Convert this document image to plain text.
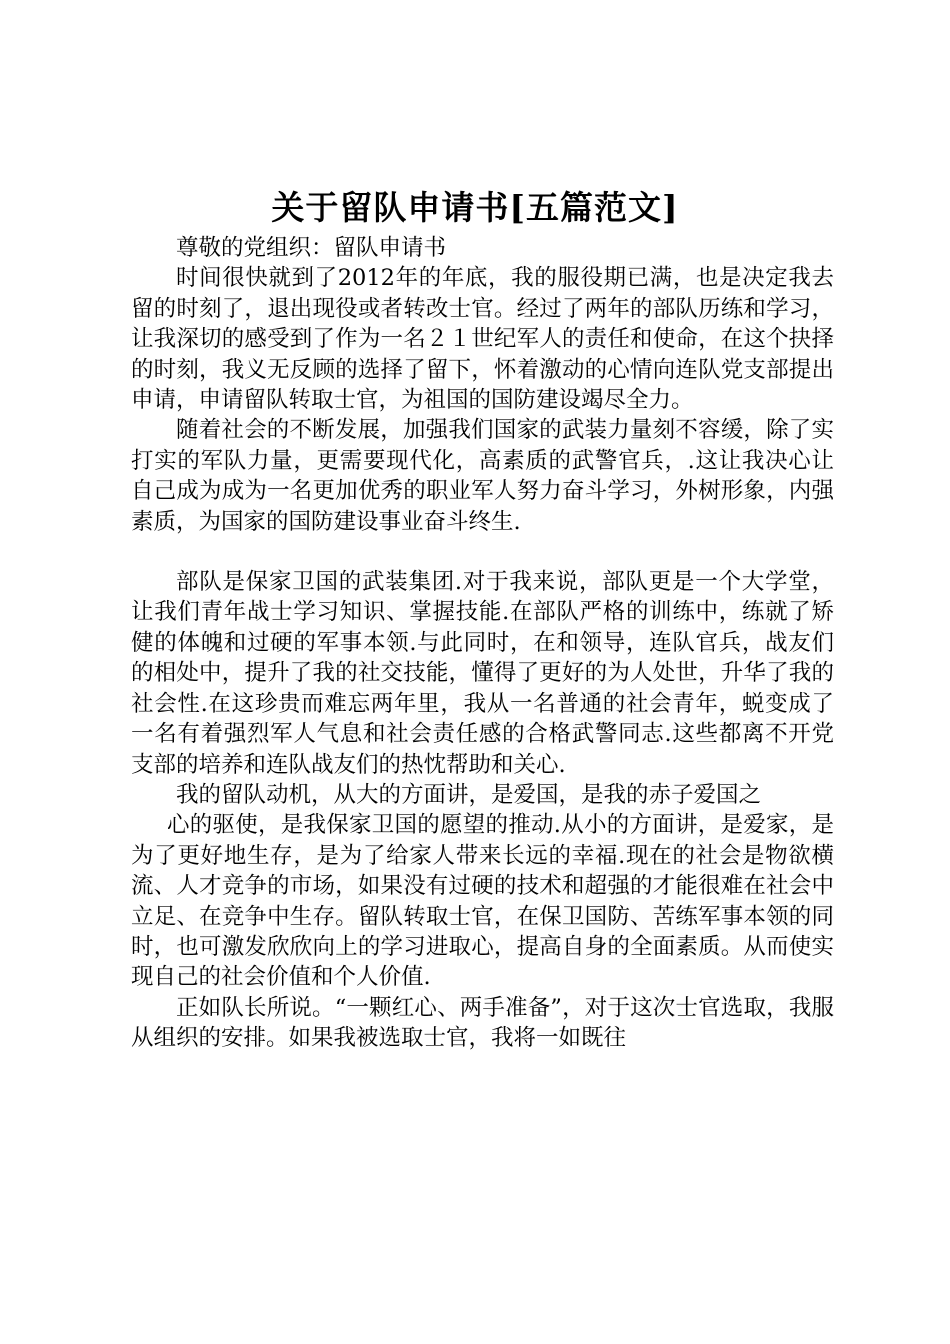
关于留队申请书[五篇范文]

尊敬的党组织：留队申请书

时间很快就到了2012年的年底，我的服役期已满，也是决定我去留的时刻了，退出现役或者转改士官。经过了两年的部队历练和学习，让我深切的感受到了作为一名２１世纪军人的责任和使命，在这个抉择的时刻，我义无反顾的选择了留下，怀着激动的心情向连队党支部提出申请，申请留队转取士官，为祖国的国防建设竭尽全力。

随着社会的不断发展，加强我们国家的武装力量刻不容缓，除了实打实的军队力量，更需要现代化，高素质的武警官兵，.这让我决心让自己成为成为一名更加优秀的职业军人努力奋斗学习，外树形象，内强素质，为国家的国防建设事业奋斗终生.

部队是保家卫国的武装集团.对于我来说，部队更是一个大学堂，让我们青年战士学习知识、掌握技能.在部队严格的训练中，练就了矫健的体魄和过硬的军事本领.与此同时，在和领导，连队官兵，战友们的相处中，提升了我的社交技能，懂得了更好的为人处世，升华了我的社会性.在这珍贵而难忘两年里，我从一名普通的社会青年，蜕变成了一名有着强烈军人气息和社会责任感的合格武警同志.这些都离不开党支部的培养和连队战友们的热忱帮助和关心.

我的留队动机，从大的方面讲，是爱国，是我的赤子爱国之

心的驱使，是我保家卫国的愿望的推动.从小的方面讲，是爱家，是为了更好地生存，是为了给家人带来长远的幸福.现在的社会是物欲横流、人才竞争的市场，如果没有过硬的技术和超强的才能很难在社会中立足、在竞争中生存。留队转取士官，在保卫国防、苦练军事本领的同时，也可激发欣欣向上的学习进取心，提高自身的全面素质。从而使实现自己的社会价值和个人价值.

正如队长所说。“一颗红心、两手准备”，对于这次士官选取，我服从组织的安排。如果我被选取士官，我将一如既往
